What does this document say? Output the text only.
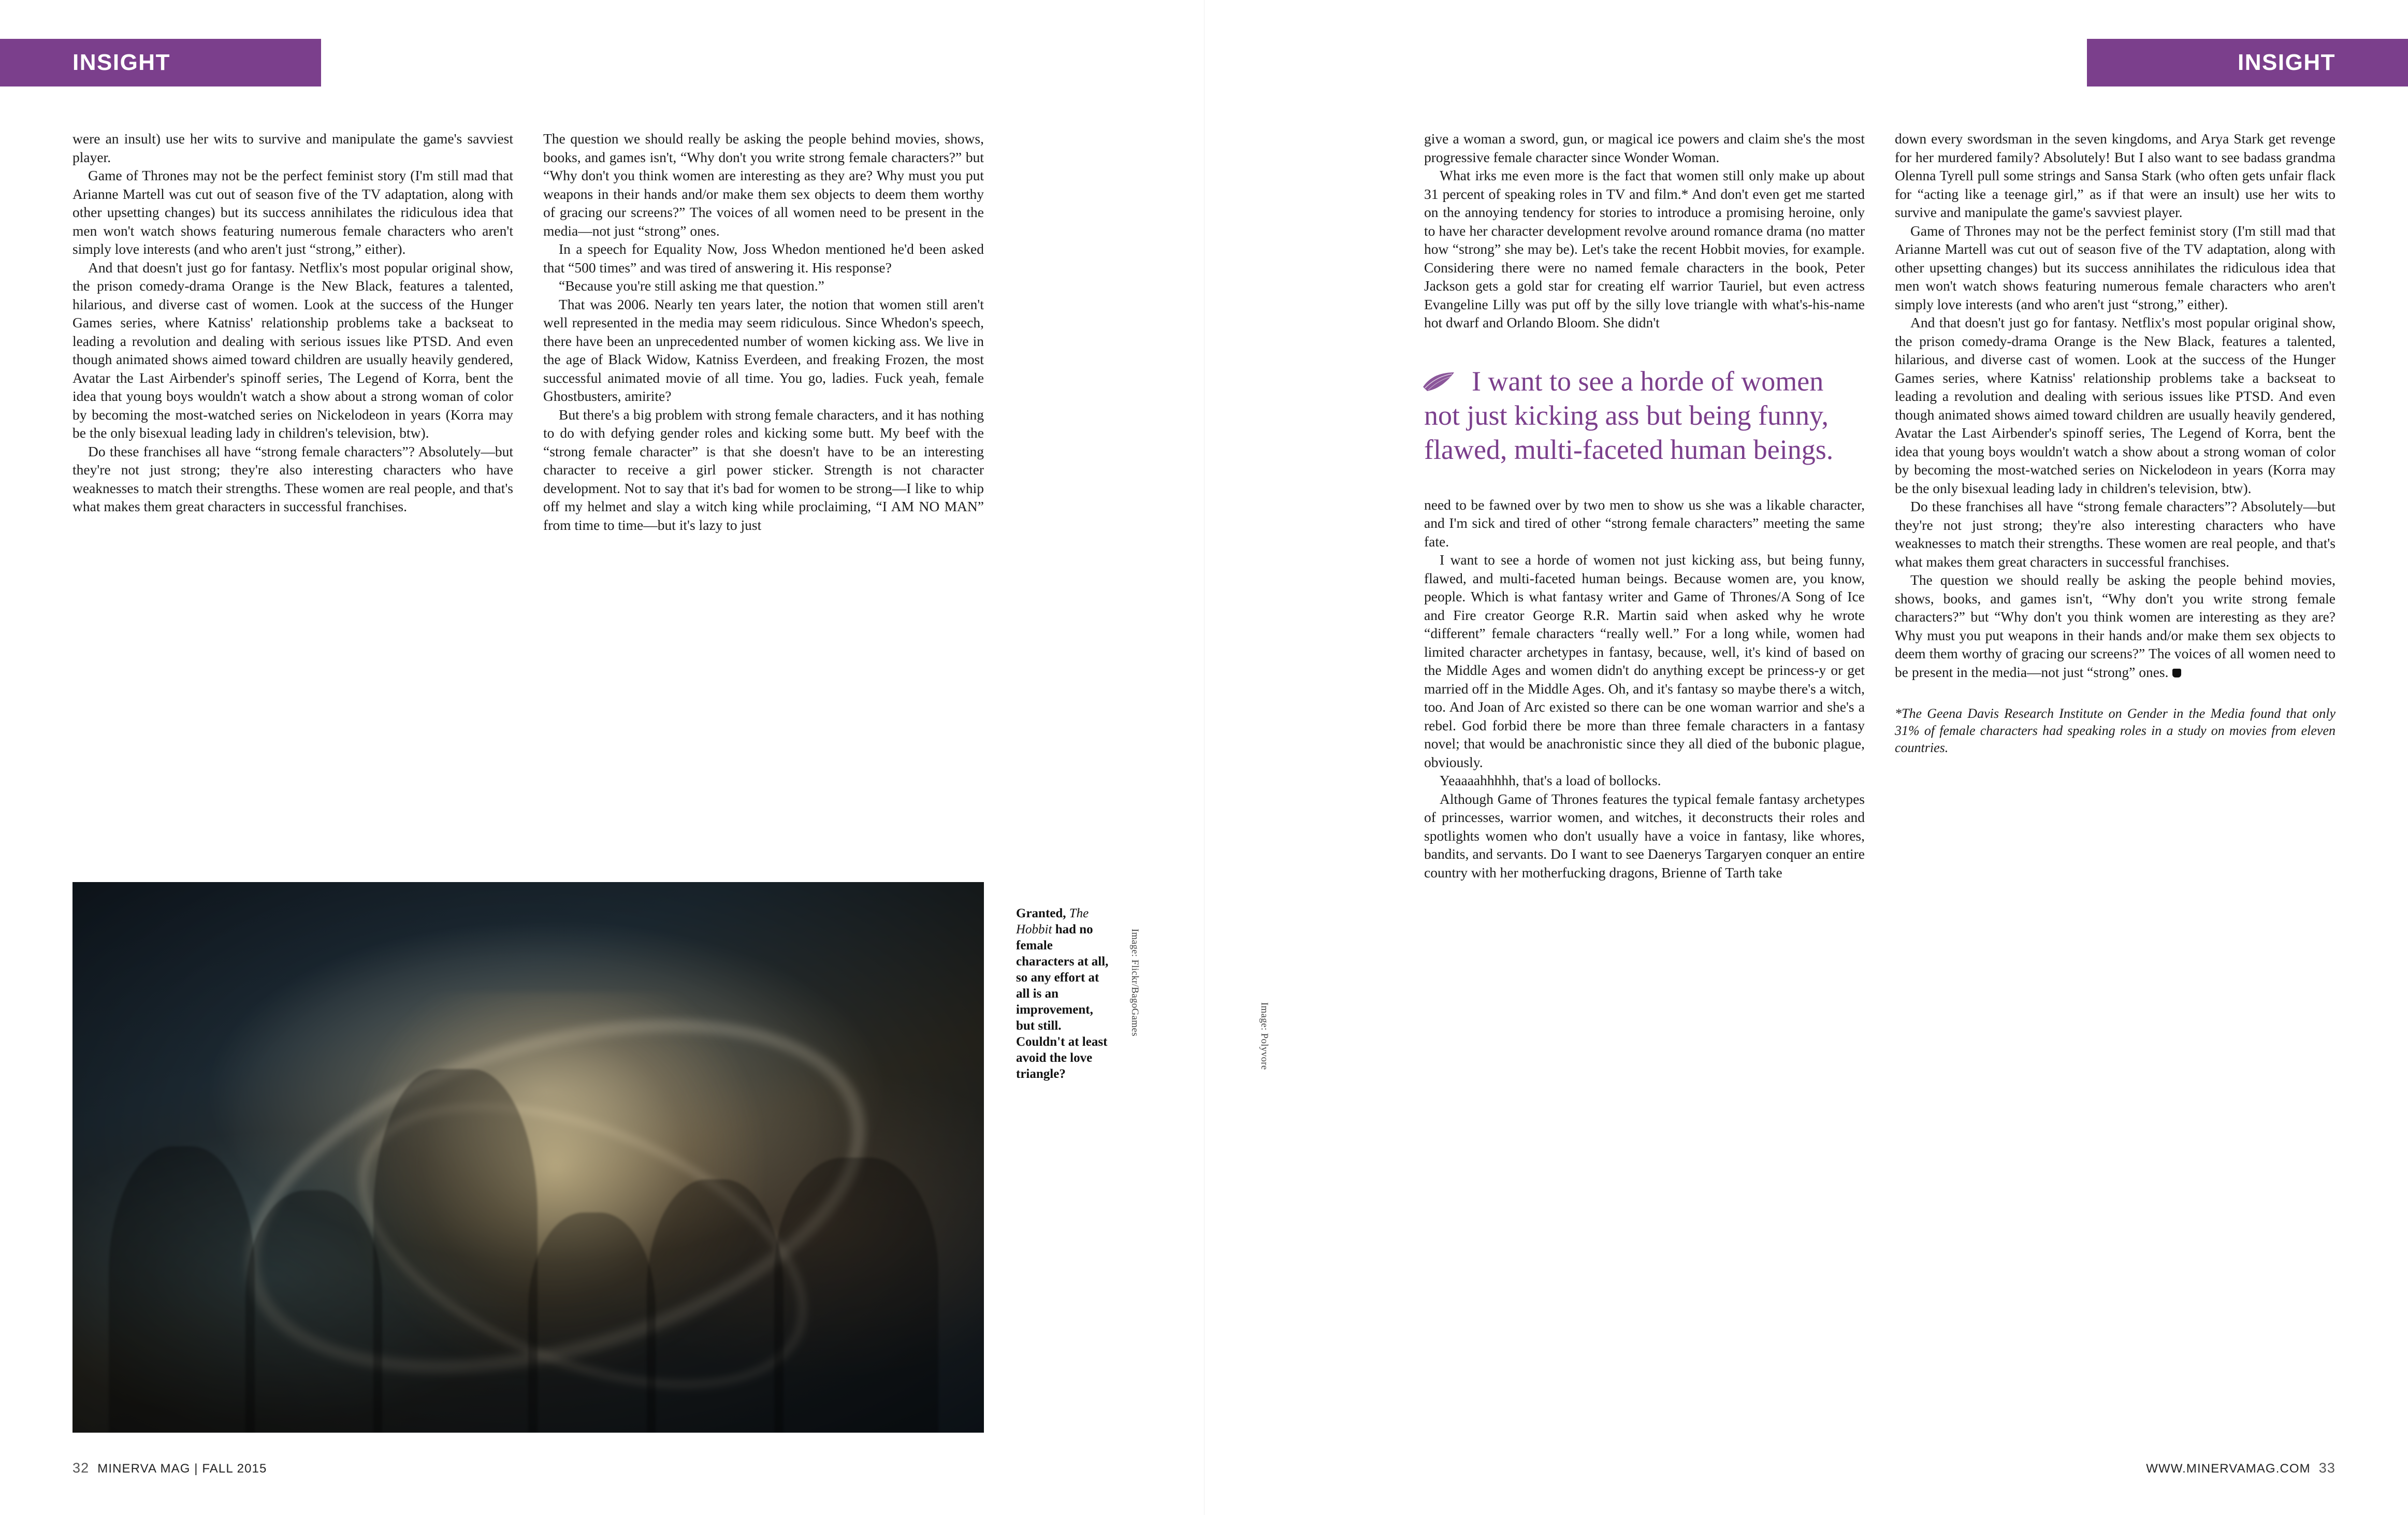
INSIGHT

were an insult) use her wits to survive and manipulate the game's savviest player.

Game of Thrones may not be the perfect feminist story (I'm still mad that Arianne Martell was cut out of season five of the TV adaptation, along with other upsetting changes) but its success annihilates the ridiculous idea that men won't watch shows featuring numerous female characters who aren't simply love interests (and who aren't just “strong,” either).

And that doesn't just go for fantasy. Netflix's most popular original show, the prison comedy-drama Orange is the New Black, features a talented, hilarious, and diverse cast of women. Look at the success of the Hunger Games series, where Katniss' relationship problems take a backseat to leading a revolution and dealing with serious issues like PTSD. And even though animated shows aimed toward children are usually heavily gendered, Avatar the Last Airbender's spinoff series, The Legend of Korra, bent the idea that young boys wouldn't watch a show about a strong woman of color by becoming the most-watched series on Nickelodeon in years (Korra may be the only bisexual leading lady in children's television, btw).

Do these franchises all have “strong female characters”? Absolutely—but they're not just strong; they're also interesting characters who have weaknesses to match their strengths. These women are real people, and that's what makes them great characters in successful franchises.

The question we should really be asking the people behind movies, shows, books, and games isn't, “Why don't you write strong female characters?” but “Why don't you think women are interesting as they are? Why must you put weapons in their hands and/or make them sex objects to deem them worthy of gracing our screens?” The voices of all women need to be present in the media—not just “strong” ones.

In a speech for Equality Now, Joss Whedon mentioned he'd been asked that “500 times” and was tired of answering it. His response?

“Because you're still asking me that question.”

That was 2006. Nearly ten years later, the notion that women still aren't well represented in the media may seem ridiculous. Since Whedon's speech, there have been an unprecedented number of women kicking ass. We live in the age of Black Widow, Katniss Everdeen, and freaking Frozen, the most successful animated movie of all time. You go, ladies. Fuck yeah, female Ghostbusters, amirite?

But there's a big problem with strong female characters, and it has nothing to do with defying gender roles and kicking some butt. My beef with the “strong female character” is that she doesn't have to be an interesting character to receive a girl power sticker. Strength is not character development. Not to say that it's bad for women to be strong—I like to whip off my helmet and slay a witch king while proclaiming, “I AM NO MAN” from time to time—but it's lazy to just

Granted, The Hobbit had no female characters at all, so any effort at all is an improvement, but still. Couldn't at least avoid the love triangle?
Image: Flickr/BagoGames	Image: Polyvore
32 MINERVA MAG | FALL 2015
INSIGHT

give a woman a sword, gun, or magical ice powers and claim she's the most progressive female character since Wonder Woman.

What irks me even more is the fact that women still only make up about 31 percent of speaking roles in TV and film.* And don't even get me started on the annoying tendency for stories to introduce a promising heroine, only to have her character development revolve around romance drama (no matter how “strong” she may be). Let's take the recent Hobbit movies, for example. Considering there were no named female characters in the book, Peter Jackson gets a gold star for creating elf warrior Tauriel, but even actress Evangeline Lilly was put off by the silly love triangle with what's-his-name hot dwarf and Orlando Bloom. She didn't

I want to see a horde of women not just kicking ass but being funny, flawed, multi-faceted human beings.

need to be fawned over by two men to show us she was a likable character, and I'm sick and tired of other “strong female characters” meeting the same fate.

I want to see a horde of women not just kicking ass, but being funny, flawed, and multi-faceted human beings. Because women are, you know, people. Which is what fantasy writer and Game of Thrones/A Song of Ice and Fire creator George R.R. Martin said when asked why he wrote “different” female characters “really well.” For a long while, women had limited character archetypes in fantasy, because, well, it's kind of based on the Middle Ages and women didn't do anything except be princess-y or get married off in the Middle Ages. Oh, and it's fantasy so maybe there's a witch, too. And Joan of Arc existed so there can be one woman warrior and she's a rebel. God forbid there be more than three female characters in a fantasy novel; that would be anachronistic since they all died of the bubonic plague, obviously.

Yeaaaahhhhh, that's a load of bollocks.

Although Game of Thrones features the typical female fantasy archetypes of princesses, warrior women, and witches, it deconstructs their roles and spotlights women who don't usually have a voice in fantasy, like whores, bandits, and servants. Do I want to see Daenerys Targaryen conquer an entire country with her motherfucking dragons, Brienne of Tarth take

down every swordsman in the seven kingdoms, and Arya Stark get revenge for her murdered family? Absolutely! But I also want to see badass grandma Olenna Tyrell pull some strings and Sansa Stark (who often gets unfair flack for “acting like a teenage girl,” as if that were an insult) use her wits to survive and manipulate the game's savviest player.

Game of Thrones may not be the perfect feminist story (I'm still mad that Arianne Martell was cut out of season five of the TV adaptation, along with other upsetting changes) but its success annihilates the ridiculous idea that men won't watch shows featuring numerous female characters who aren't simply love interests (and who aren't just “strong,” either).

And that doesn't just go for fantasy. Netflix's most popular original show, the prison comedy-drama Orange is the New Black, features a talented, hilarious, and diverse cast of women. Look at the success of the Hunger Games series, where Katniss' relationship problems take a backseat to leading a revolution and dealing with serious issues like PTSD. And even though animated shows aimed toward children are usually heavily gendered, Avatar the Last Airbender's spinoff series, The Legend of Korra, bent the idea that young boys wouldn't watch a show about a strong woman of color by becoming the most-watched series on Nickelodeon in years (Korra may be the only bisexual leading lady in children's television, btw).

Do these franchises all have “strong female characters”? Absolutely—but they're not just strong; they're also interesting characters who have weaknesses to match their strengths. These women are real people, and that's what makes them great characters in successful franchises.

The question we should really be asking the people behind movies, shows, books, and games isn't, “Why don't you write strong female characters?” but “Why don't you think women are interesting as they are? Why must you put weapons in their hands and/or make them sex objects to deem them worthy of gracing our screens?” The voices of all women need to be present in the media—not just “strong” ones.

*The Geena Davis Research Institute on Gender in the Media found that only 31% of female characters had speaking roles in a study on movies from eleven countries.

WWW.MINERVAMAG.COM 33
